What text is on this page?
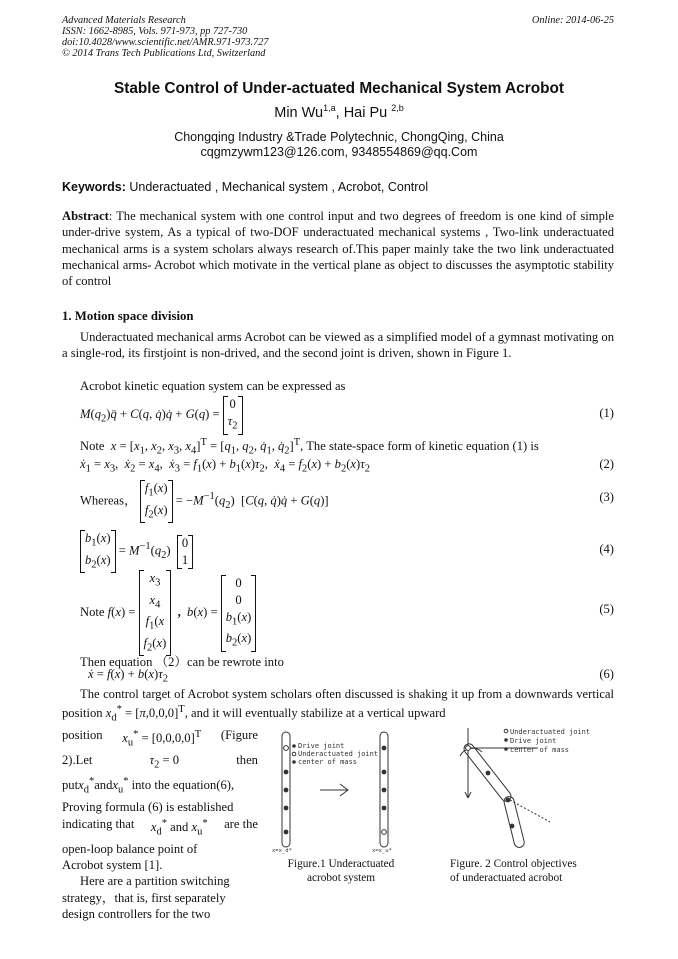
Advanced Materials Research
ISSN: 1662-8985, Vols. 971-973, pp 727-730
doi:10.4028/www.scientific.net/AMR.971-973.727
© 2014 Trans Tech Publications Ltd, Switzerland
Online: 2014-06-25
Stable Control of Under-actuated Mechanical System Acrobot
Min Wu$^{1,a}$, Hai Pu $^{2,b}$
Chongqing Industry &Trade Polytechnic, ChongQing, China
cqgmzywm123@126.com, 9348554869@qq.Com
Keywords: Underactuated , Mechanical system , Acrobot, Control
Abstract: The mechanical system with one control input and two degrees of freedom is one kind of simple under-drive system, As a typical of two-DOF underactuated mechanical systems , Two-link underactuated mechanical arms is a system scholars always research of.This paper mainly take the two link underactuated mechanical arms- Acrobot which motivate in the vertical plane as object to discusses the asymptotic stability of control
1. Motion space division
Underactuated mechanical arms Acrobot can be viewed as a simplified model of a gymnast motivating on a single-rod, its firstjoint is non-drived, and the second joint is driven, shown in Figure 1.
Acrobot kinetic equation system can be expressed as
$M(q_2)q̈ + C(q$, q̇)q̇ + G(q) = 0
$\tau_2$
(1)
Note $x = [x_1$, $x_2$, $x_3$, $x_4]^T = [q_1$, $q_2$, $q̇_1$, $q̇_2]^T$, The state-space form of kinetic equation (1) is
ẋ$_1$ = $x_3$,  ẋ$_2$ = $x_4$,  ẋ$_3$ = $f_1(x) + b_1(x)\tau_2$,  ẋ$_4$ = $f_2(x) + b_2(x)\tau_2$	(2)
Whereas， $f_1(x)$
$f_2(x) = -M^{-1}(q_2)$  [C(q, q̇)q̇ + G(q)]	(3)
$b_1(x)$
$b_2(x) = M^{-1}(q_2)$  0
1
(4)
Note $f(x) = x_3$
$x_4$
$f_1(x$
$f_2(x)$  , b(x) = 0
0
$b_1(x)$
$b_2(x)$
(5)
Then equation （2）can be rewrote into
ẋ = $f(x) + b(x)\tau_2$	(6)
The control target of Acrobot system scholars often discussed is shaking it up from a downwards vertical position $x_d^* = [\pi,0,0,0]^T$, and it will eventually stabilize at a vertical upward
position $x_u^* = [0,0,0,0]^T$ (Figure
2).Let	$\tau_2 = 0$	then
putx$_d$*andx$_u$* into the equation(6),
Proving formula (6) is established
indicating that $x_d^*$ and $x_u^*$ are the
open-loop balance point of
Acrobot system [1].
Here are a partition switching
strategy，that is, first separately
design controllers for the two
Drive joint
Underactuated joint
center of mass
x=x_d*	x=x_u*
Figure.1 Underactuated
acrobot system
Underactuated joint
Drive joint
center of mass
Figure. 2 Control objectives
of underactuated acrobot
